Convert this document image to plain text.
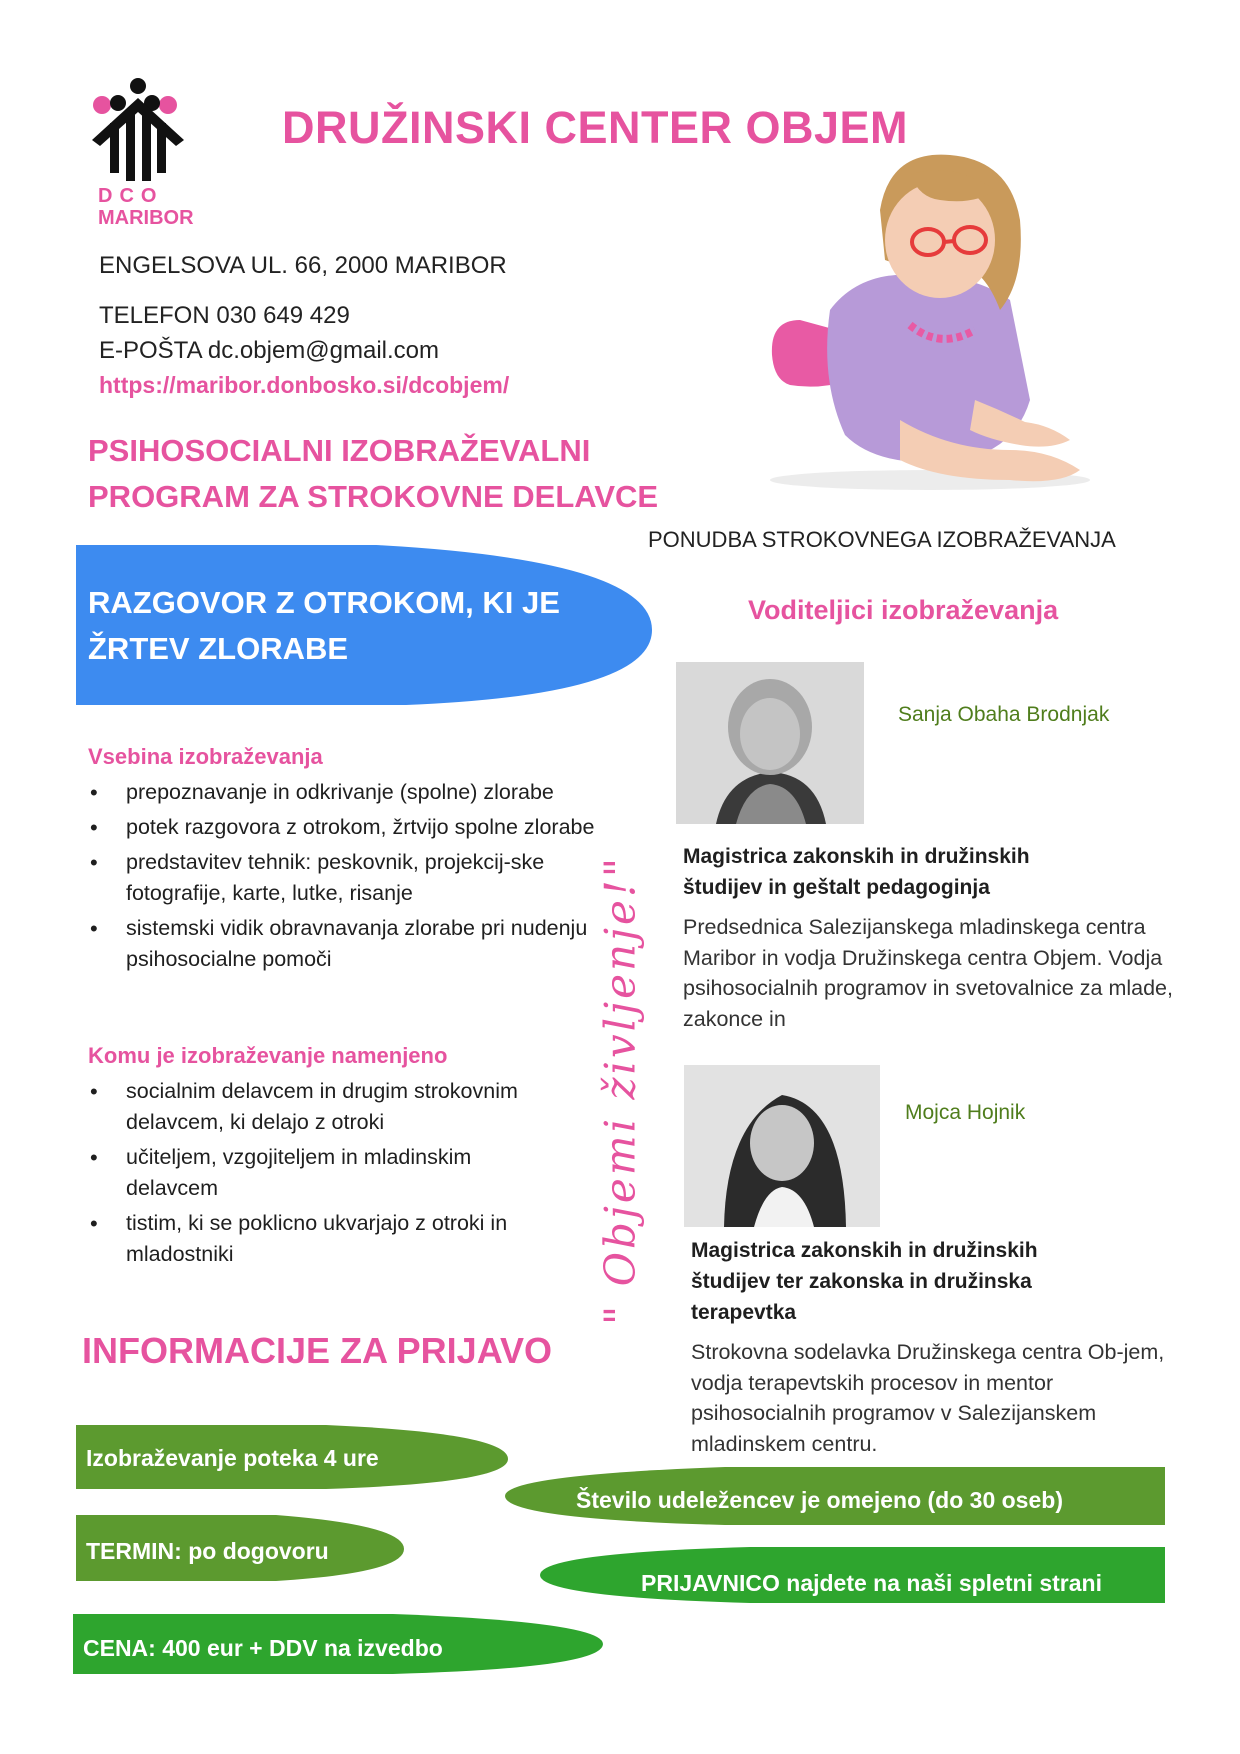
DCO
MARIBOR
DRUŽINSKI CENTER OBJEM
ENGELSOVA UL. 66, 2000 MARIBOR
TELEFON 030 649 429
E-POŠTA dc.objem@gmail.com
https://maribor.donbosko.si/dcobjem/
PSIHOSOCIALNI IZOBRAŽEVALNI
PROGRAM ZA STROKOVNE DELAVCE
PONUDBA STROKOVNEGA IZOBRAŽEVANJA
RAZGOVOR Z OTROKOM, KI JE
ŽRTEV ZLORABE
Vsebina izobraževanja
• prepoznavanje in odkrivanje (spolne) zlorabe
• potek razgovora z otrokom, žrtvijo spolne zlorabe
• predstavitev tehnik: peskovnik, projekcij-ske fotografije, karte, lutke, risanje
• sistemski vidik obravnavanja zlorabe pri nudenju psihosocialne pomoči
Komu je izobraževanje namenjeno
• socialnim delavcem in drugim strokovnim delavcem, ki delajo z otroki
• učiteljem, vzgojiteljem in mladinskim delavcem
• tistim, ki se poklicno ukvarjajo z otroki in mladostniki	" Objemi življenje!"
Voditeljici izobraževanja
Sanja Obaha Brodnjak
Magistrica zakonskih in družinskih študijev in geštalt pedagoginja
Predsednica Salezijanskega mladinskega centra Maribor in vodja Družinskega centra Objem. Vodja psihosocialnih programov in svetovalnice za mlade, zakonce in
Mojca Hojnik
Magistrica zakonskih in družinskih študijev ter zakonska in družinska terapevtka
Strokovna sodelavka Družinskega centra Ob-jem, vodja terapevtskih procesov in mentor psihosocialnih programov v Salezijanskem mladinskem centru.
INFORMACIJE ZA PRIJAVO
Izobraževanje poteka 4 ure
Število udeležencev je omejeno (do 30 oseb)
TERMIN: po dogovoru
PRIJAVNICO najdete na naši spletni strani
CENA: 400 eur + DDV na izvedbo
